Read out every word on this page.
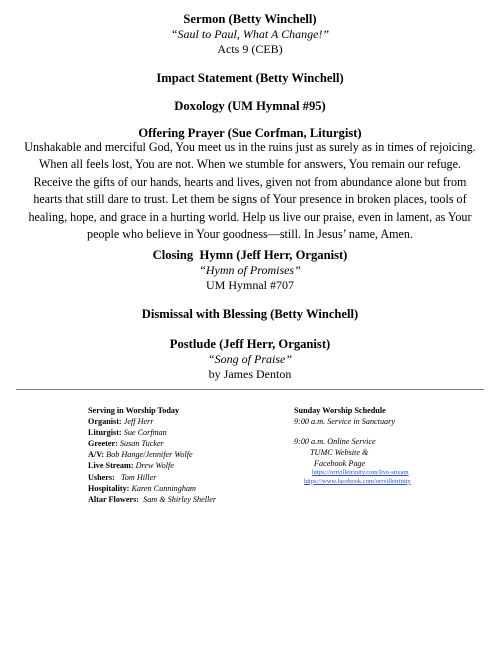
Sermon (Betty Winchell)

“Saul to Paul, What A Change!”

Acts 9 (CEB)

Impact Statement (Betty Winchell)

Doxology (UM Hymnal #95)

Offering Prayer (Sue Corfman, Liturgist)

Unshakable and merciful God, You meet us in the ruins just as surely as in times of rejoicing.
When all feels lost, You are not. When we stumble for answers, You remain our refuge.
Receive the gifts of our hands, hearts and lives, given not from abundance alone but from
hearts that still dare to trust. Let them be signs of Your presence in broken places, tools of
healing, hope, and grace in a hurting world. Help us live our praise, even in lament, as Your
people who believe in Your goodness—still. In Jesus’ name, Amen.

Closing  Hymn (Jeff Herr, Organist)

“Hymn of Promises”

UM Hymnal #707

Dismissal with Blessing (Betty Winchell)

Postlude (Jeff Herr, Organist)

“Song of Praise”

by James Denton

Serving in Worship Today
Organist: Jeff Herr
Liturgist: Sue Corfman
Greeter: Susan Tucker
A/V: Bob Hange/Jennifer Wolfe
Live Stream: Drew Wolfe
Ushers:   Tom Hiller
Hospitality: Karen Cunningham
Altar Flowers:  Sam & Shirley Sheller
Sunday Worship Schedule
9:00 a.m. Service in Sanctuary
9:00 a.m. Online Service
TUMC Website &
Facebook Page
https://orrvilletrinity.com/live-stream
https://www.facebook.com/orrvilletrinity
